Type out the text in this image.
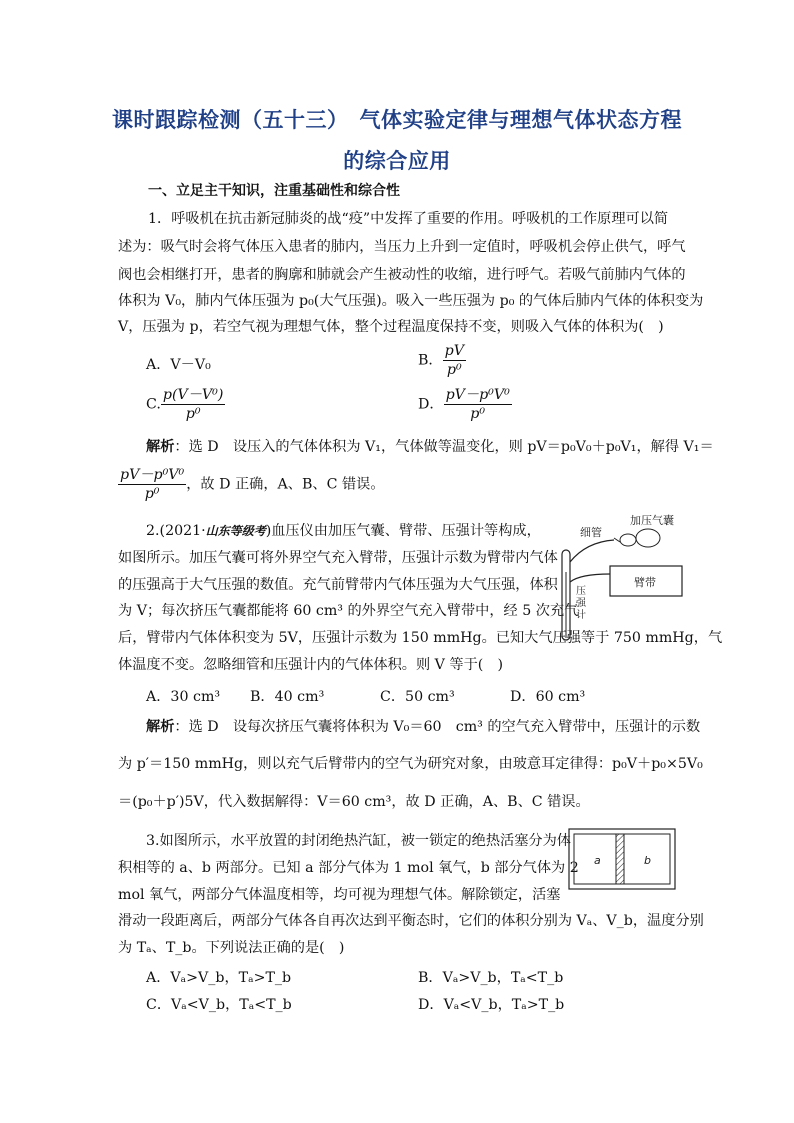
课时跟踪检测（五十三）　气体实验定律与理想气体状态方程
的综合应用
一、立足主干知识，注重基础性和综合性
1．呼吸机在抗击新冠肺炎的战“疫”中发挥了重要的作用。呼吸机的工作原理可以简
述为：吸气时会将气体压入患者的肺内，当压力上升到一定值时，呼吸机会停止供气，呼气
阀也会相继打开，患者的胸廓和肺就会产生被动性的收缩，进行呼气。若吸气前肺内气体的
体积为 V₀，肺内气体压强为 p₀(大气压强)。吸入一些压强为 p₀ 的气体后肺内气体的体积变为
V，压强为 p，若空气视为理想气体，整个过程温度保持不变，则吸入气体的体积为(　)
A．V－V₀	B． $\frac{pV}{\text{p⁰}}$
C. $\frac{\text{p(V－V⁰)}}{\text{p⁰}}$	D． $\frac{\text{pV－p⁰V⁰}}{\text{p⁰}}$
解析：选 D　设压入的气体体积为 V₁，气体做等温变化，则 pV＝p₀V₀＋p₀V₁，解得 V₁＝
$\frac{\text{pV－p⁰V⁰}}{\text{p⁰}}$ ，故 D 正确，A、B、C 错误。
2.(2021·山东等级考)血压仪由加压气囊、臂带、压强计等构成，
如图所示。加压气囊可将外界空气充入臂带，压强计示数为臂带内气体
的压强高于大气压强的数值。充气前臂带内气体压强为大气压强，体积
为 V；每次挤压气囊都能将 60 cm³ 的外界空气充入臂带中，经 5 次充气
后，臂带内气体体积变为 5V，压强计示数为 150 mmHg。已知大气压强等于 750 mmHg，气
体温度不变。忽略细管和压强计内的气体体积。则 V 等于(　)
A．30 cm³ B．40 cm³	C．50 cm³	D．60 cm³
解析：选 D　设每次挤压气囊将体积为 V₀＝60　cm³ 的空气充入臂带中，压强计的示数
为 p′＝150 mmHg，则以充气后臂带内的空气为研究对象，由玻意耳定律得：p₀V＋p₀×5V₀
＝(p₀＋p′)5V，代入数据解得：V＝60 cm³，故 D 正确，A、B、C 错误。
细管
加压气囊
臂带
压强计
3.如图所示，水平放置的封闭绝热汽缸，被一锁定的绝热活塞分为体
积相等的 a、b 两部分。已知 a 部分气体为 1 mol 氧气，b 部分气体为 2
mol 氧气，两部分气体温度相等，均可视为理想气体。解除锁定，活塞
滑动一段距离后，两部分气体各自再次达到平衡态时，它们的体积分别为 Vₐ、V_b，温度分别
为 Tₐ、T_b。下列说法正确的是(　)
A．Vₐ>V_b，Tₐ>T_b	B．Vₐ>V_b，Tₐ<T_b
C．Vₐ<V_b，Tₐ<T_b	D．Vₐ<V_b，Tₐ>T_b
a	b
